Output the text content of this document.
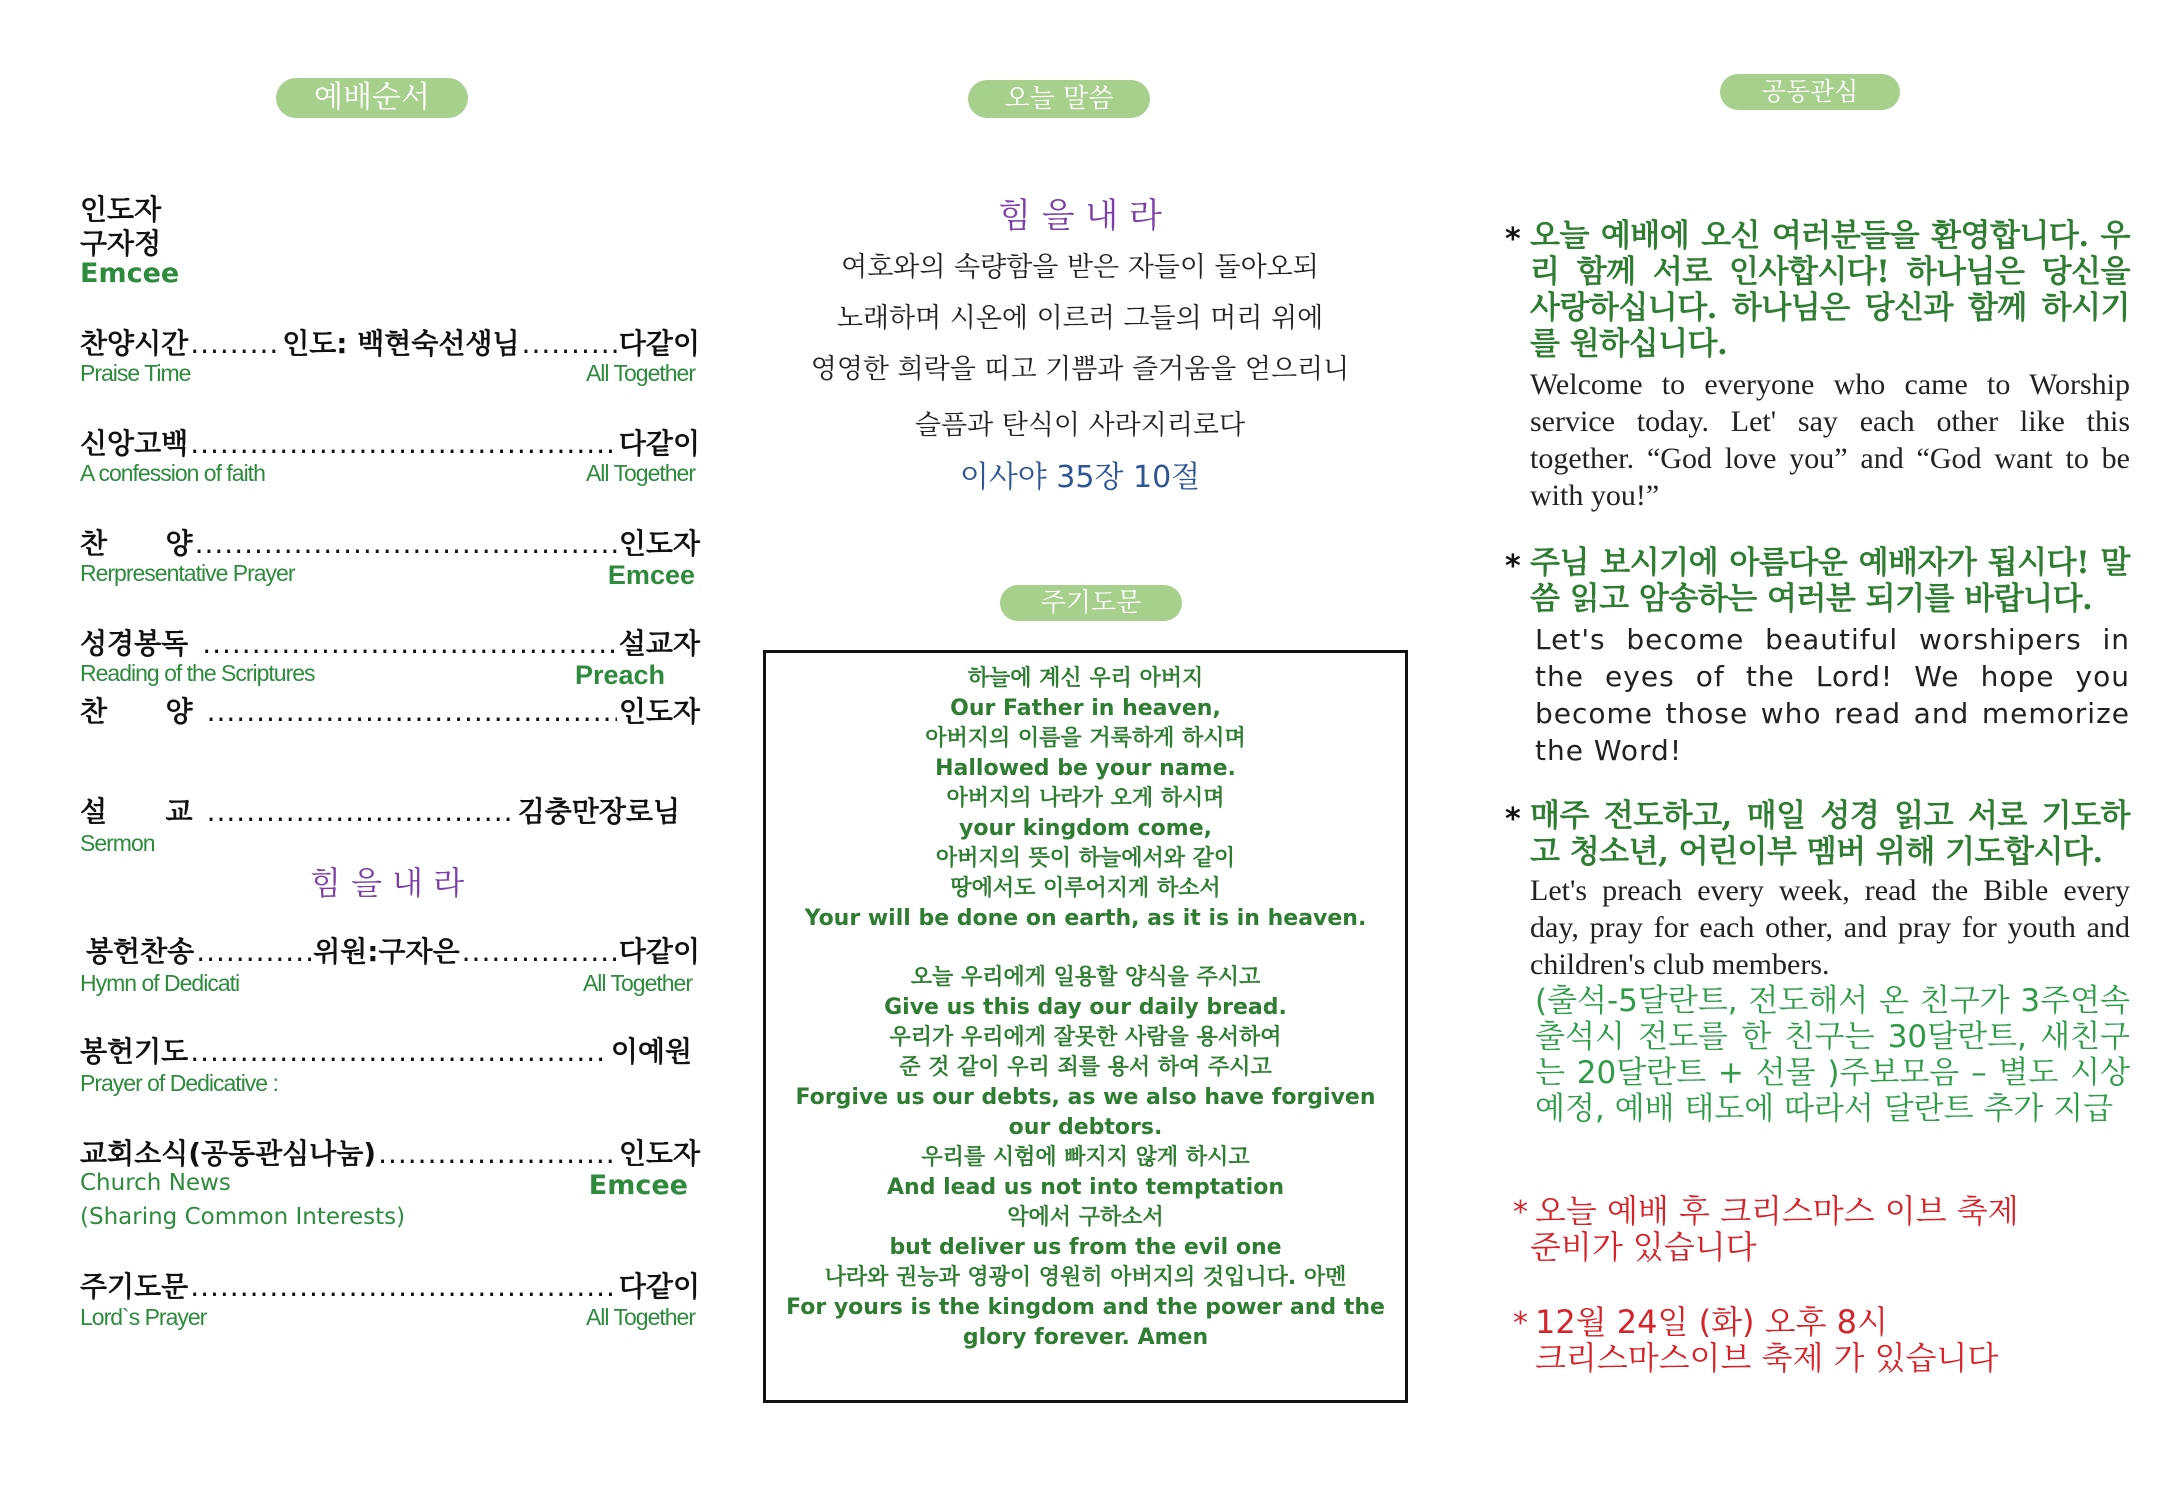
예배순서
인도자
구자정
Emcee
찬양시간 .....	인도: 백현숙선생님 .....	다같이
Praise Time	All Together
신앙고백 .....	다같이
A confession of faith	All Together
찬      양 .....	인도자
Rerpresentative Prayer	Emcee
성경봉독 .....	설교자
Reading of the Scriptures	Preach
찬      양 .....	인도자
설      교 .....	김충만장로님
Sermon
힘 을 내 라
봉헌찬송 .....	위원:구자은 .....	다같이
Hymn of Dedicati	All Together
봉헌기도 .....	이예원
Prayer of Dedicative :
교회소식(공동관심나눔) .....	인도자
Church News	Emcee
(Sharing Common Interests)
주기도문 .....	다같이
Lord`s Prayer	All Together
오늘 말씀
힘 을 내 라
여호와의 속량함을 받은 자들이 돌아오되
노래하며 시온에 이르러 그들의 머리 위에
영영한 희락을 띠고 기쁨과 즐거움을 얻으리니
슬픔과 탄식이 사라지리로다
이사야 35장 10절
주기도문
하늘에 계신 우리 아버지
Our Father in heaven,
아버지의 이름을 거룩하게 하시며
Hallowed be your name.
아버지의 나라가 오게 하시며
your kingdom come,
아버지의 뜻이 하늘에서와 같이
땅에서도 이루어지게 하소서
Your will be done on earth, as it is in heaven.
오늘 우리에게 일용할 양식을 주시고
Give us this day our daily bread.
우리가 우리에게 잘못한 사람을 용서하여
준 것 같이 우리 죄를 용서 하여 주시고
Forgive us our debts, as we also have forgiven
our debtors.
우리를 시험에 빠지지 않게 하시고
And lead us not into temptation
악에서 구하소서
but deliver us from the evil one
나라와 권능과 영광이 영원히 아버지의 것입니다. 아멘
For yours is the kingdom and the power and the
glory forever. Amen
공동관심
* 오늘 예배에 오신 여러분들을 환영합니다. 우리 함께 서로 인사합시다! 하나님은 당신을 사랑하십니다. 하나님은 당신과 함께 하시기를 원하십니다.
Welcome to everyone who came to Worship service today. Let' say each other like this together. “God love you” and “God want to be with you!”
* 주님 보시기에 아름다운 예배자가 됩시다! 말씀 읽고 암송하는 여러분 되기를 바랍니다.
Let's become beautiful worshipers in the eyes of the Lord! We hope you become those who read and memorize the Word!
* 매주 전도하고, 매일 성경 읽고 서로 기도하고 청소년, 어린이부 멤버 위해 기도합시다.
Let's preach every week, read the Bible every day, pray for each other, and pray for youth and children's club members.
(출석-5달란트, 전도해서 온 친구가 3주연속 출석시 전도를 한 친구는 30달란트, 새친구는 20달란트 + 선물 )주보모음 – 별도 시상 예정, 예배 태도에 따라서 달란트 추가 지급
* 오늘 예배 후 크리스마스 이브 축제
준비가 있습니다
* 12월 24일 (화) 오후 8시
크리스마스이브 축제 가 있습니다
